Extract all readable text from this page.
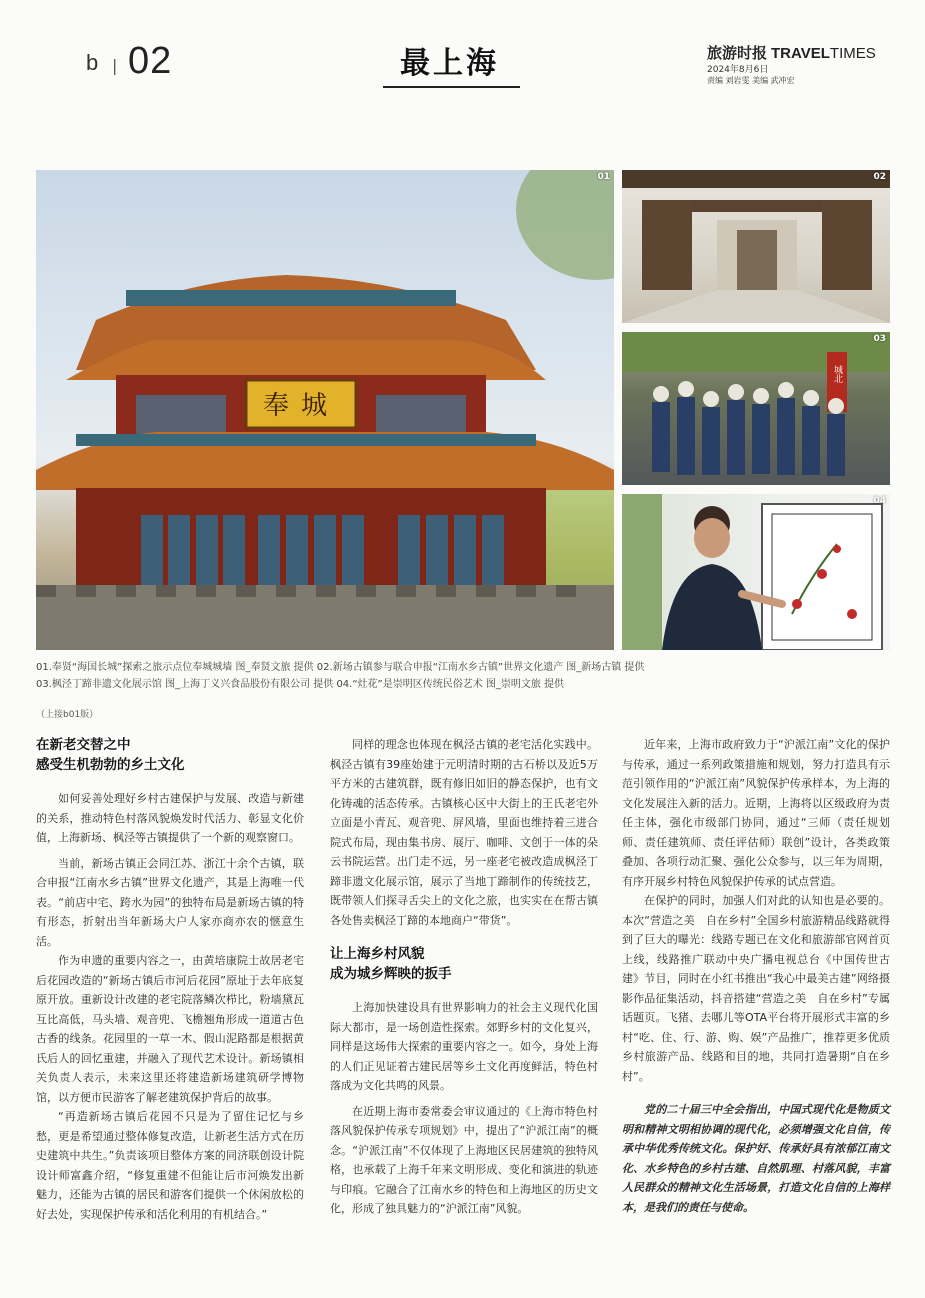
b | 02	最上海	旅游时报 TRAVELTIMES
2024年8月6日
责编 刘岩雯 美编 武冲宏
奉城
01	02
城北
03
04
01.奉贤“海国长城”探索之旅示点位奉城城墙 图_奉贤文旅 提供 02.新场古镇参与联合申报“江南水乡古镇”世界文化遗产 图_新场古镇 提供
03.枫泾丁蹄非遗文化展示馆 图_上海丁义兴食品股份有限公司 提供 04.“灶花”是崇明区传统民俗艺术 图_崇明文旅 提供
（上接b01版）
在新老交替之中
感受生机勃勃的乡土文化

如何妥善处理好乡村古建保护与发展、改造与新建的关系，推动特色村落风貌焕发时代活力、彰显文化价值，上海新场、枫泾等古镇提供了一个新的观察窗口。

当前，新场古镇正会同江苏、浙江十余个古镇，联合申报“江南水乡古镇”世界文化遗产，其是上海唯一代表。“前店中宅、跨水为园”的独特布局是新场古镇的特有形态，折射出当年新场大户人家亦商亦农的惬意生活。

作为申遗的重要内容之一，由黄培康院士故居老宅后花园改造的“新场古镇后市河后花园”原址于去年底复原开放。重新设计改建的老宅院落鳞次栉比，粉墙黛瓦互比高低，马头墙、观音兜、飞檐翘角形成一道道古色古香的线条。花园里的一草一木、假山泥路都是根据黄氏后人的回忆重建，并融入了现代艺术设计。新场镇相关负责人表示，未来这里还将建造新场建筑研学博物馆，以方便市民游客了解老建筑保护背后的故事。

“再造新场古镇后花园不只是为了留住记忆与乡愁，更是希望通过整体修复改造，让新老生活方式在历史建筑中共生。”负责该项目整体方案的同济联创设计院设计师富鑫介绍，“修复重建不但能让后市河焕发出新魅力，还能为古镇的居民和游客们提供一个休闲放松的好去处，实现保护传承和活化利用的有机结合。”

同样的理念也体现在枫泾古镇的老宅活化实践中。枫泾古镇有39座始建于元明清时期的古石桥以及近5万平方米的古建筑群，既有修旧如旧的静态保护，也有文化铸魂的活态传承。古镇核心区中大街上的王氏老宅外立面是小青瓦、观音兜、屏风墙，里面也维持着三进合院式布局，现由集书房、展厅、咖啡、文创于一体的朵云书院运营。出门走不远，另一座老宅被改造成枫泾丁蹄非遗文化展示馆，展示了当地丁蹄制作的传统技艺，既带领人们探寻舌尖上的文化之旅，也实实在在帮古镇各处售卖枫泾丁蹄的本地商户“带货”。

让上海乡村风貌
成为城乡辉映的扳手

上海加快建设具有世界影响力的社会主义现代化国际大都市，是一场创造性探索。郊野乡村的文化复兴，同样是这场伟大探索的重要内容之一。如今，身处上海的人们正见证着古建民居等乡土文化再度鲜活，特色村落成为文化共鸣的风景。

在近期上海市委常委会审议通过的《上海市特色村落风貌保护传承专项规划》中，提出了“沪派江南”的概念。“沪派江南”不仅体现了上海地区民居建筑的独特风格，也承载了上海千年来文明形成、变化和演进的轨迹与印痕。它融合了江南水乡的特色和上海地区的历史文化，形成了独具魅力的“沪派江南”风貌。

近年来，上海市政府致力于“沪派江南”文化的保护与传承，通过一系列政策措施和规划，努力打造具有示范引领作用的“沪派江南”风貌保护传承样本，为上海的文化发展注入新的活力。近期，上海将以区级政府为责任主体，强化市级部门协同，通过“三师（责任规划师、责任建筑师、责任评估师）联创”设计，各类政策叠加、各项行动汇聚、强化公众参与，以三年为周期，有序开展乡村特色风貌保护传承的试点营造。

在保护的同时，加强人们对此的认知也是必要的。本次“营造之美　自在乡村”全国乡村旅游精品线路就得到了巨大的曝光：线路专题已在文化和旅游部官网首页上线，线路推广联动中央广播电视总台《中国传世古建》节目，同时在小红书推出“我心中最美古建”网络摄影作品征集活动，抖音搭建“营造之美　自在乡村”专属话题页。飞猪、去哪儿等OTA平台将开展形式丰富的乡村“吃、住、行、游、购、娱”产品推广，推荐更多优质乡村旅游产品、线路和目的地，共同打造暑期“自在乡村”。

党的二十届三中全会指出，中国式现代化是物质文明和精神文明相协调的现代化，必须增强文化自信，传承中华优秀传统文化。保护好、传承好具有浓郁江南文化、水乡特色的乡村古建、自然肌理、村落风貌，丰富人民群众的精神文化生活场景，打造文化自信的上海样本，是我们的责任与使命。
